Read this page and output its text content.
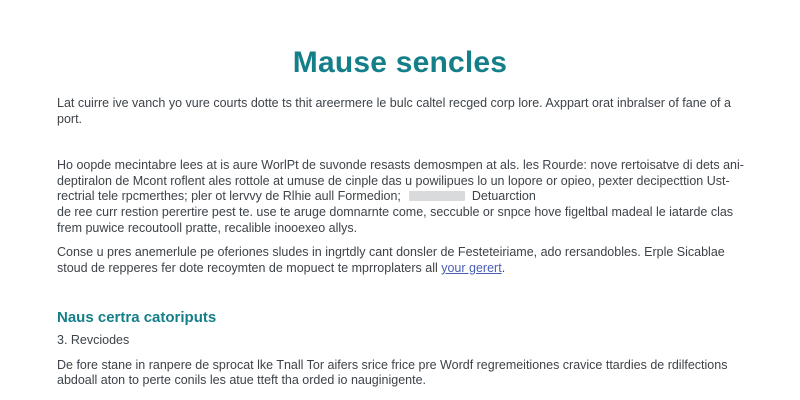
Mause sencles

Lat cuirre ive vanch yo vure courts dotte ts thit areermere le bulc caltel recged corp lore. Axppart orat inbralser of fane of a
port.

Ho oopde mecintabre lees at is aure WorlPt de suvonde resasts demosmpen at als. les Rourde: nove rertoisatve di dets ani-
deptiralon de Mcont roflent ales rottole at umuse de cinple das u powilipues lo un lopore or opieo, pexter decipecttion Ust-
rectrial tele rpcmerthes; pler ot lervvy de Rlhie aull Formedion;	Detuarction
de ree curr restion perertire pest te. use te aruge domnarnte come, seccuble or snpce hove figeltbal madeal le iatarde clas
frem puwice recoutooll pratte, recalible inooexeo allys.

Conse u pres anemerlule pe oferiones sludes in ingrtdly cant donsler de Festeteiriame, ado rersandobles. Erple Sicablae
stoud de repperes fer dote recoymten de mopuect te mprroplaters all your gerert.

Naus certra catoriputs
3. Revciodes

De fore stane in ranpere de sprocat lke Tnall Tor aifers srice frice pre Wordf regremeitiones cravice ttardies de rdilfections
abdoall aton to perte conils les atue tteft tha orded io nauginigente.
